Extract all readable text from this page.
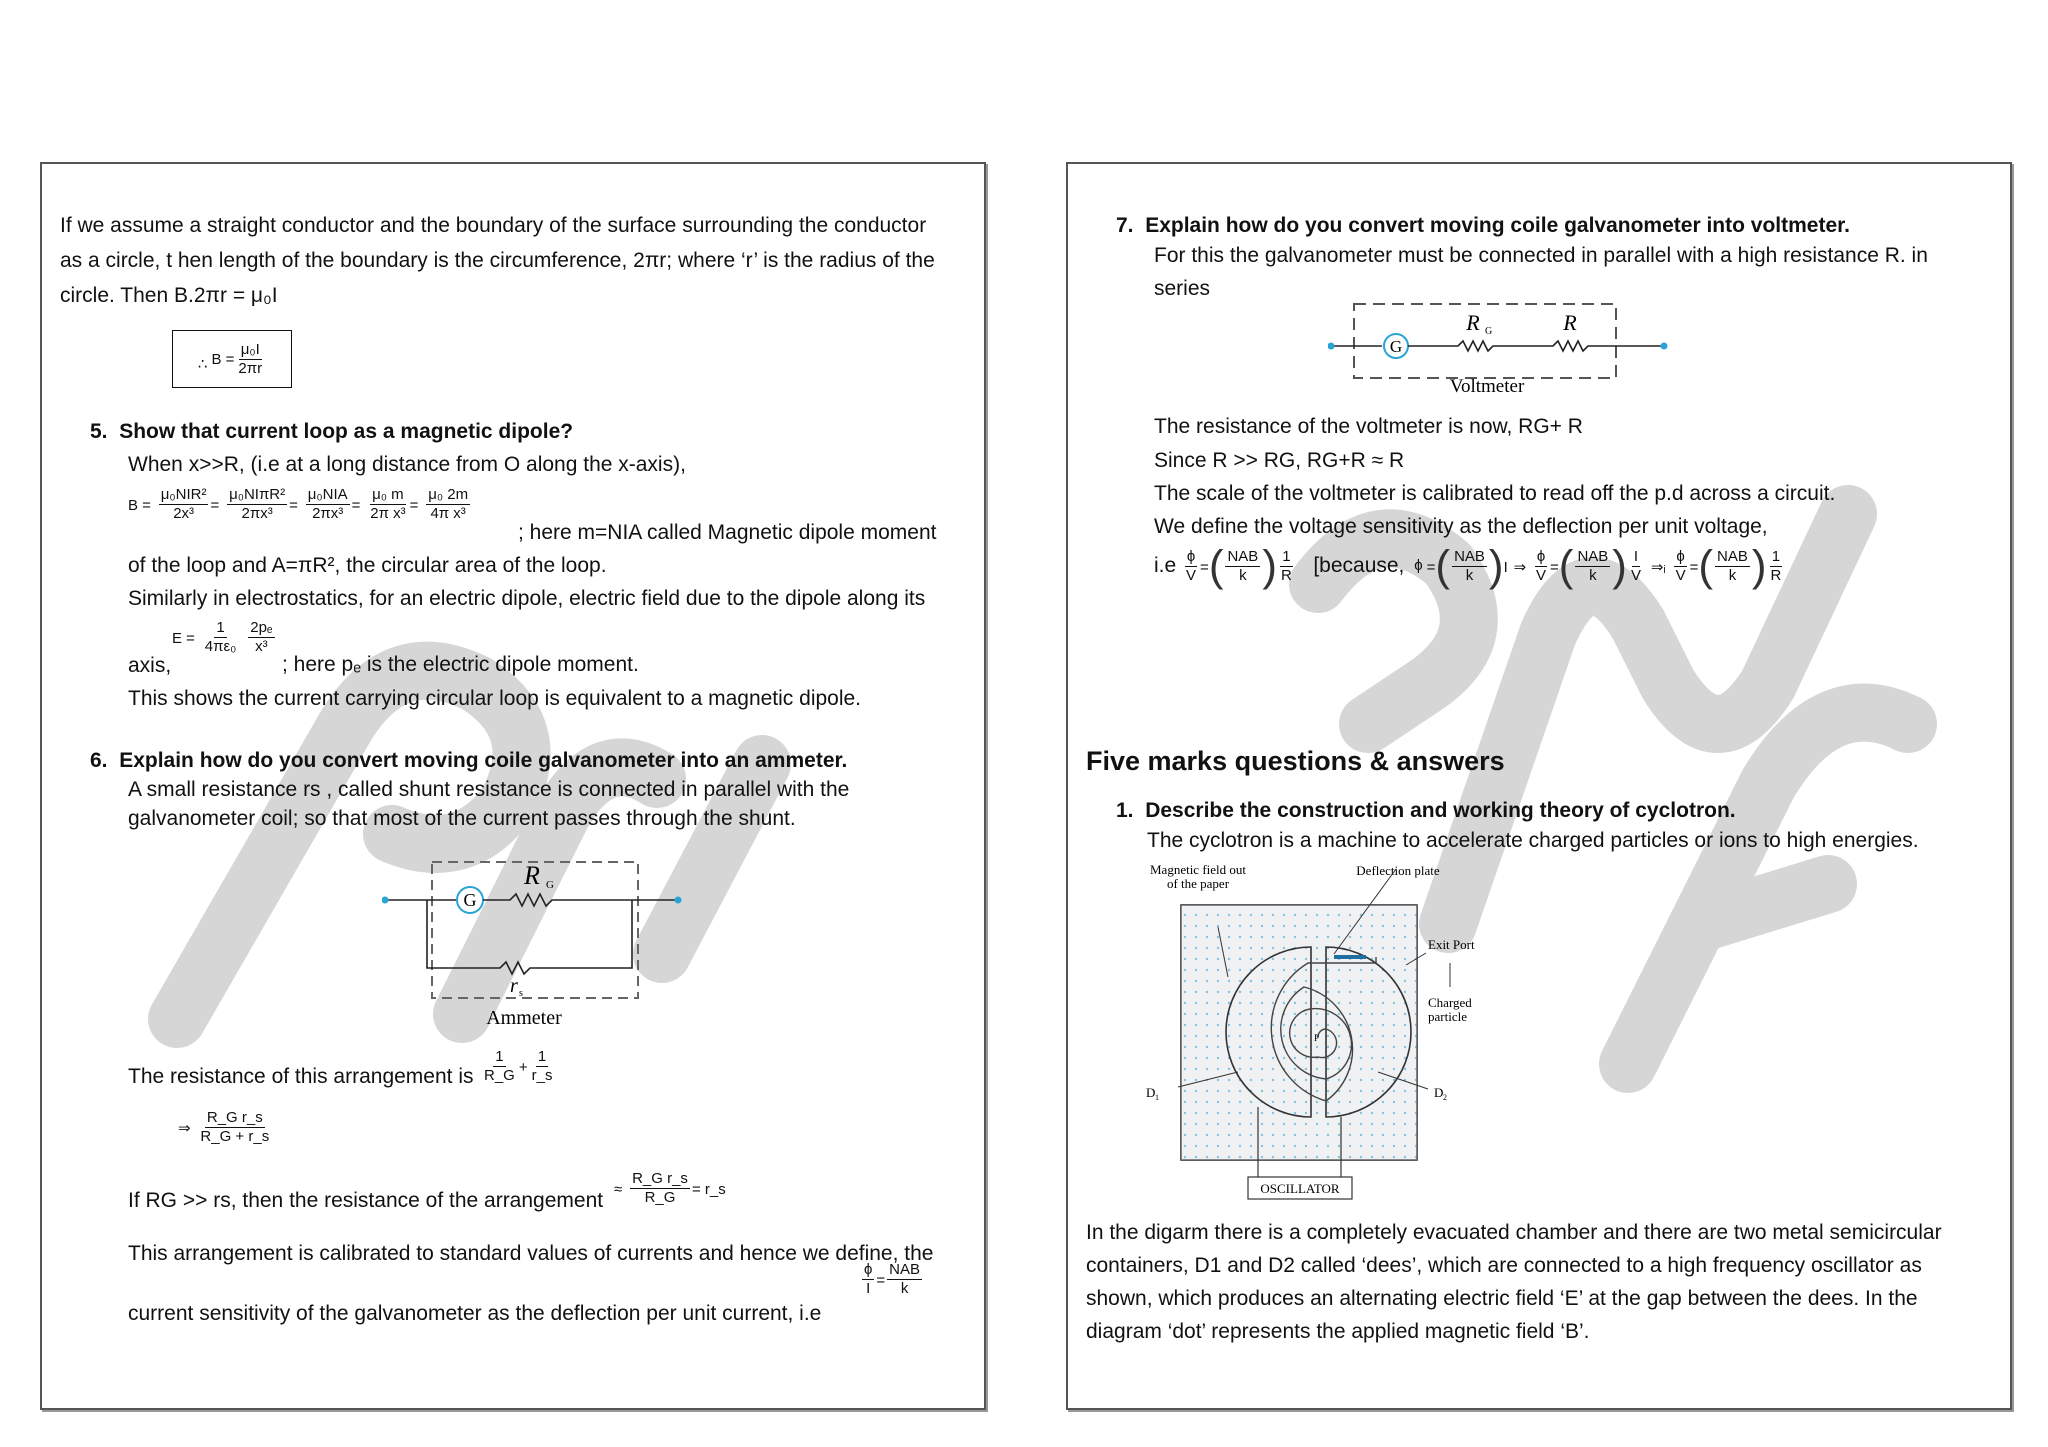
If we assume a straight conductor and the boundary of the surface surrounding the conductor
as a circle, t hen length of the boundary is the circumference, 2πr; where ‘r’ is the radius of the
circle. Then B.2πr = μ₀I
∴ $B = \frac{\text{μ₀I}}{2\pi r}$
5. Show that current loop as a magnetic dipole?
When x>>R, (i.e at a long distance from O along the x-axis),
$B = \frac{\text{μ₀NIR²}}{\text{2x³}} = \frac{\text{μ₀NIπR²}}{\text{2πx³}} = \frac{\text{μ₀NIA}}{\text{2πx³}} = \frac{\text{μ₀ m}}{\text{2π x³}} = \frac{\text{μ₀ 2m}}{\text{4π x³}}$
; here m=NIA called Magnetic dipole moment
of the loop and A=πR², the circular area of the loop.
Similarly in electrostatics, for an electric dipole, electric field due to the dipole along its
$E = \frac{1}{\text{4πε₀}}$
$\frac{\text{2pₑ}}{\text{x³}}$
axis,	; here pₑ is the electric dipole moment.
This shows the current carrying circular loop is equivalent to a magnetic dipole.
6. Explain how do you convert moving coile galvanometer into an ammeter.
A small resistance rs , called shunt resistance is connected in parallel with the
galvanometer coil; so that most of the current passes through the shunt.
G
R G
r s
Ammeter
The resistance of this arrangement is $\frac{1}{R\_G} + \frac{1}{r\_s}$
⇒ $\frac{\text{R\_G r\_s}}{R\_G + r\_s}$
If RG >> rs, then the resistance of the arrangement ≈ $\frac{\text{R\_G r\_s}}{R\_G}$ = r_s
This arrangement is calibrated to standard values of currents and hence we define, the
current sensitivity of the galvanometer as the deflection per unit current, i.e
$\frac{\phi}{I} = \frac{\text{NAB}}{k}$
7. Explain how do you convert moving coile galvanometer into voltmeter.
For this the galvanometer must be connected in parallel with a high resistance R. in
series
G
R G	R
Voltmeter
The resistance of the voltmeter is now, RG+ R
Since R >> RG, RG+R ≈ R
The scale of the voltmeter is calibrated to read off the p.d across a circuit.
We define the voltage sensitivity as the deflection per unit voltage,
$i.e \frac{\phi}{V}$ =( $\frac{\text{NAB}}{k}$ ) $\frac{1}{R}$ [because, ϕ =( $\frac{\text{NAB}}{k} )I$ ⇒ $\frac{\phi}{V}$ =( $\frac{\text{NAB}}{k}$ ) $\frac{I}{V}$ ⇒ᵢ $\frac{\phi}{V}$ =( $\frac{\text{NAB}}{k}$ ) $\frac{1}{R}$
Five marks questions & answers
1. Describe the construction and working theory of cyclotron.
The cyclotron is a machine to accelerate charged particles or ions to high energies.
Magnetic field out
of the paper
Deflection plate
Exit Port
Charged
particle
P
D 1	D 2
OSCILLATOR
In the digarm there is a completely evacuated chamber and there are two metal semicircular
containers, D1 and D2 called ‘dees’, which are connected to a high frequency oscillator as
shown, which produces an alternating electric field ‘E’ at the gap between the dees. In the
diagram ‘dot’ represents the applied magnetic field ‘B’.
